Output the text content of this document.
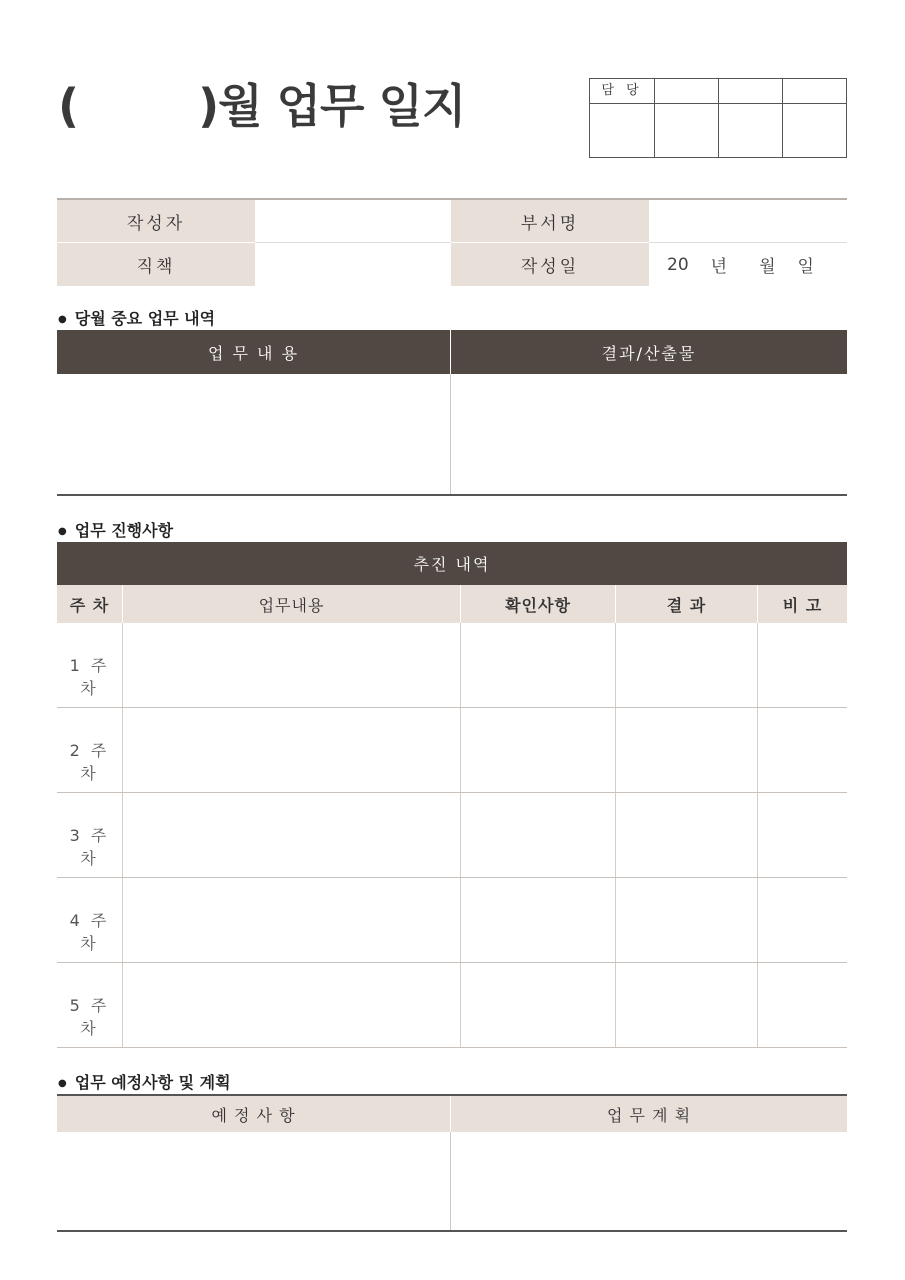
(        )월 업무 일지	담 당
작성자	부서명
직책	작성일	20 년 월 일
● 당월 중요 업무 내역
업 무 내 용	결과/산출물
● 업무 진행사항
추진 내역
주 차	업무내용	확인사항	결 과	비 고
1 주 차
2 주 차
3 주 차
4 주 차
5 주 차
● 업무 예정사항 및 계획
예 정 사 항	업 무 계 획
